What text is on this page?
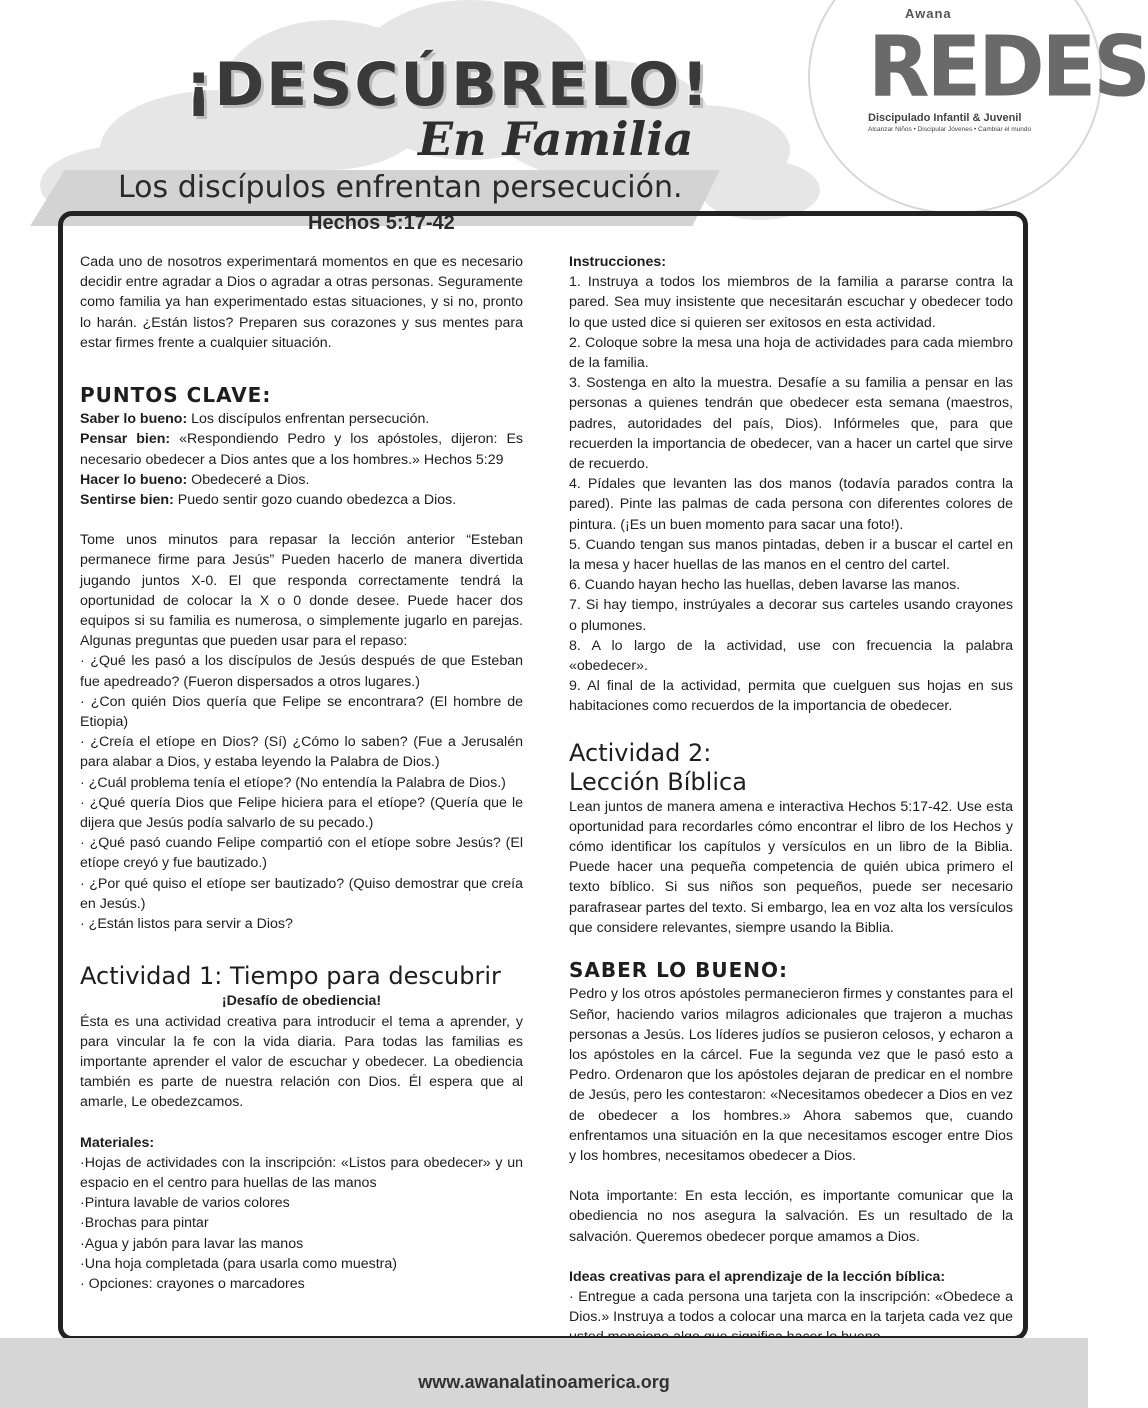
¡DESCÚBRELO!
En Familia
Awana
REDES
Discipulado Infantil & Juvenil
Alcanzar Niños • Discipular Jóvenes • Cambiar el mundo
Los discípulos enfrentan persecución.
Hechos 5:17-42

Cada uno de nosotros experimentará momentos en que es necesario decidir entre agradar a Dios o agradar a otras personas. Seguramente como familia ya han experimentado estas situaciones, y si no, pronto lo harán. ¿Están listos? Preparen sus corazones y sus mentes para estar firmes frente a cualquier situación.

PUNTOS CLAVE:

Saber lo bueno: Los discípulos enfrentan persecución.

Pensar bien: «Respondiendo Pedro y los apóstoles, dijeron: Es necesario obedecer a Dios antes que a los hombres.» Hechos 5:29

Hacer lo bueno: Obedeceré a Dios.

Sentirse bien: Puedo sentir gozo cuando obedezca a Dios.

Tome unos minutos para repasar la lección anterior “Esteban permanece firme para Jesús” Pueden hacerlo de manera divertida jugando juntos X-0. El que responda correctamente tendrá la oportunidad de colocar la X o 0 donde desee. Puede hacer dos equipos si su familia es numerosa, o simplemente jugarlo en parejas. Algunas preguntas que pueden usar para el repaso:

· ¿Qué les pasó a los discípulos de Jesús después de que Esteban fue apedreado? (Fueron dispersados a otros lugares.)

· ¿Con quién Dios quería que Felipe se encontrara? (El hombre de Etiopia)

· ¿Creía el etíope en Dios? (Sí) ¿Cómo lo saben? (Fue a Jerusalén para alabar a Dios, y estaba leyendo la Palabra de Dios.)

· ¿Cuál problema tenía el etíope? (No entendía la Palabra de Dios.)

· ¿Qué quería Dios que Felipe hiciera para el etíope? (Quería que le dijera que Jesús podía salvarlo de su pecado.)

· ¿Qué pasó cuando Felipe compartió con el etíope sobre Jesús? (El etíope creyó y fue bautizado.)

· ¿Por qué quiso el etíope ser bautizado? (Quiso demostrar que creía en Jesús.)

· ¿Están listos para servir a Dios?

Actividad 1: Tiempo para descubrir

¡Desafío de obediencia!

Ésta es una actividad creativa para introducir el tema a aprender, y para vincular la fe con la vida diaria. Para todas las familias es importante aprender el valor de escuchar y obedecer. La obediencia también es parte de nuestra relación con Dios. Él espera que al amarle, Le obedezcamos.

Materiales:

·Hojas de actividades con la inscripción: «Listos para obedecer» y un espacio en el centro para huellas de las manos

·Pintura lavable de varios colores

·Brochas para pintar

·Agua y jabón para lavar las manos

·Una hoja completada (para usarla como muestra)

· Opciones: crayones o marcadores

Instrucciones:

1. Instruya a todos los miembros de la familia a pararse contra la pared. Sea muy insistente que necesitarán escuchar y obedecer todo lo que usted dice si quieren ser exitosos en esta actividad.

2. Coloque sobre la mesa una hoja de actividades para cada miembro de la familia.

3. Sostenga en alto la muestra. Desafíe a su familia a pensar en las personas a quienes tendrán que obedecer esta semana (maestros, padres, autoridades del país, Dios). Infórmeles que, para que recuerden la importancia de obedecer, van a hacer un cartel que sirve de recuerdo.

4. Pídales que levanten las dos manos (todavía parados contra la pared). Pinte las palmas de cada persona con diferentes colores de pintura. (¡Es un buen momento para sacar una foto!).

5. Cuando tengan sus manos pintadas, deben ir a buscar el cartel en la mesa y hacer huellas de las manos en el centro del cartel.

6. Cuando hayan hecho las huellas, deben lavarse las manos.

7. Si hay tiempo, instrúyales a decorar sus carteles usando crayones o plumones.

8. A lo largo de la actividad, use con frecuencia la palabra «obedecer».

9. Al final de la actividad, permita que cuelguen sus hojas en sus habitaciones como recuerdos de la importancia de obedecer.

Actividad 2:
Lección Bíblica

Lean juntos de manera amena e interactiva Hechos 5:17-42. Use esta oportunidad para recordarles cómo encontrar el libro de los Hechos y cómo identificar los capítulos y versículos en un libro de la Biblia. Puede hacer una pequeña competencia de quién ubica primero el texto bíblico. Si sus niños son pequeños, puede ser necesario parafrasear partes del texto. Si embargo, lea en voz alta los versículos que considere relevantes, siempre usando la Biblia.

SABER LO BUENO:

Pedro y los otros apóstoles permanecieron firmes y constantes para el Señor, haciendo varios milagros adicionales que trajeron a muchas personas a Jesús. Los líderes judíos se pusieron celosos, y echaron a los apóstoles en la cárcel. Fue la segunda vez que le pasó esto a Pedro. Ordenaron que los apóstoles dejaran de predicar en el nombre de Jesús, pero les contestaron: «Necesitamos obedecer a Dios en vez de obedecer a los hombres.» Ahora sabemos que, cuando enfrentamos una situación en la que necesitamos escoger entre Dios y los hombres, necesitamos obedecer a Dios.

Nota importante: En esta lección, es importante comunicar que la obediencia no nos asegura la salvación. Es un resultado de la salvación. Queremos obedecer porque amamos a Dios.

Ideas creativas para el aprendizaje de la lección bíblica:

· Entregue a cada persona una tarjeta con la inscripción: «Obedece a Dios.» Instruya a todos a colocar una marca en la tarjeta cada vez que

www.awanalatinoamerica.org
